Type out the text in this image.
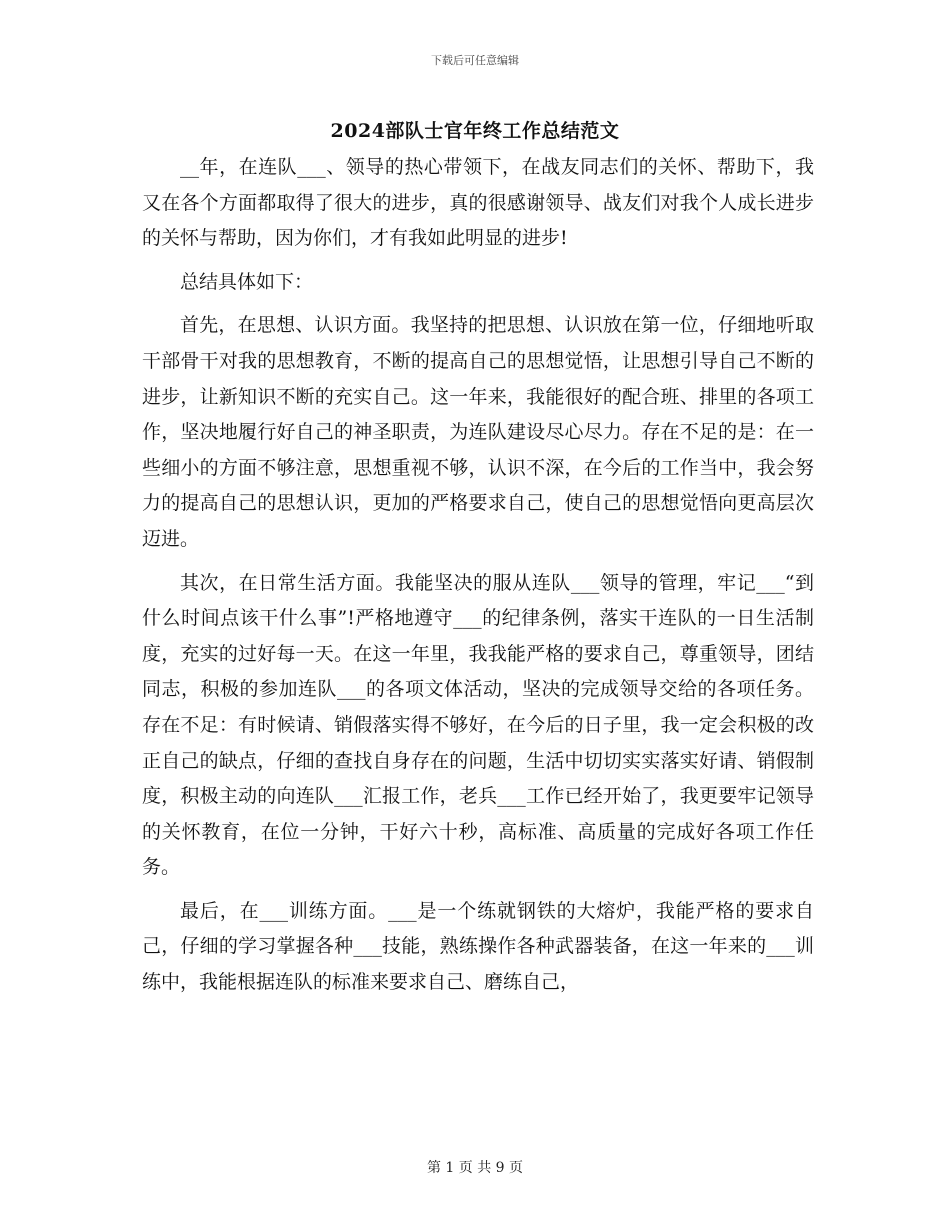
下载后可任意编辑
2024部队士官年终工作总结范文

__年，在连队___、领导的热心带领下，在战友同志们的关怀、帮助下，我又在各个方面都取得了很大的进步，真的很感谢领导、战友们对我个人成长进步的关怀与帮助，因为你们，才有我如此明显的进步!

总结具体如下：

首先，在思想、认识方面。我坚持的把思想、认识放在第一位，仔细地听取干部骨干对我的思想教育，不断的提高自己的思想觉悟，让思想引导自己不断的进步，让新知识不断的充实自己。这一年来，我能很好的配合班、排里的各项工作，坚决地履行好自己的神圣职责，为连队建设尽心尽力。存在不足的是：在一些细小的方面不够注意，思想重视不够，认识不深，在今后的工作当中，我会努力的提高自己的思想认识，更加的严格要求自己，使自己的思想觉悟向更高层次迈进。

其次，在日常生活方面。我能坚决的服从连队___领导的管理，牢记___“到什么时间点该干什么事”!严格地遵守___的纪律条例，落实干连队的一日生活制度，充实的过好每一天。在这一年里，我我能严格的要求自己，尊重领导，团结同志，积极的参加连队___的各项文体活动，坚决的完成领导交给的各项任务。存在不足：有时候请、销假落实得不够好，在今后的日子里，我一定会积极的改正自己的缺点，仔细的查找自身存在的问题，生活中切切实实落实好请、销假制度，积极主动的向连队___汇报工作，老兵___工作已经开始了，我更要牢记领导的关怀教育，在位一分钟，干好六十秒，高标准、高质量的完成好各项工作任务。

最后，在___训练方面。___是一个练就钢铁的大熔炉，我能严格的要求自己，仔细的学习掌握各种___技能，熟练操作各种武器装备，在这一年来的___训练中，我能根据连队的标准来要求自己、磨练自己，

第 1 页 共 9 页
